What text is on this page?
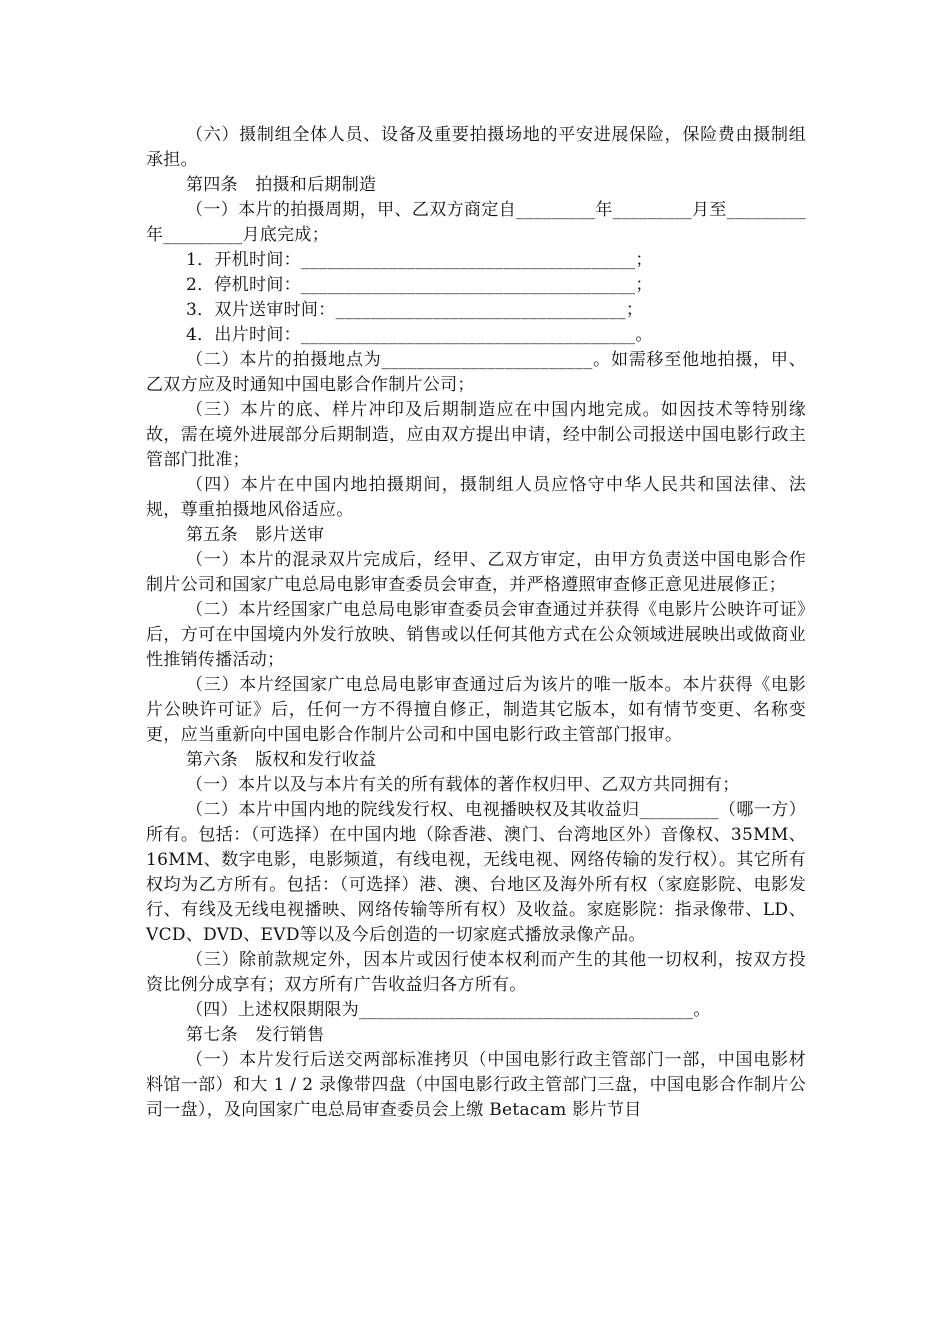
（六）摄制组全体人员、设备及重要拍摄场地的平安进展保险，保险费由摄制组承担。

第四条　拍摄和后期制造

（一）本片的拍摄周期，甲、乙双方商定自_________年_________月至_________年_________月底完成；

1．开机时间：______________________________________；

2．停机时间：______________________________________；

3．双片送审时间：_________________________________；

4．出片时间：______________________________________。

（二）本片的拍摄地点为________________________。如需移至他地拍摄，甲、乙双方应及时通知中国电影合作制片公司；

（三）本片的底、样片冲印及后期制造应在中国内地完成。如因技术等特别缘故，需在境外进展部分后期制造，应由双方提出申请，经中制公司报送中国电影行政主管部门批准；

（四）本片在中国内地拍摄期间，摄制组人员应恪守中华人民共和国法律、法规，尊重拍摄地风俗适应。

第五条　影片送审

（一）本片的混录双片完成后，经甲、乙双方审定，由甲方负责送中国电影合作制片公司和国家广电总局电影审查委员会审查，并严格遵照审查修正意见进展修正；

（二）本片经国家广电总局电影审查委员会审查通过并获得《电影片公映许可证》后，方可在中国境内外发行放映、销售或以任何其他方式在公众领域进展映出或做商业性推销传播活动；

（三）本片经国家广电总局电影审查通过后为该片的唯一版本。本片获得《电影片公映许可证》后，任何一方不得擅自修正，制造其它版本，如有情节变更、名称变更，应当重新向中国电影合作制片公司和中国电影行政主管部门报审。

第六条　版权和发行收益

（一）本片以及与本片有关的所有载体的著作权归甲、乙双方共同拥有；

（二）本片中国内地的院线发行权、电视播映权及其收益归_________（哪一方）所有。包括：（可选择）在中国内地（除香港、澳门、台湾地区外）音像权、35MM、16MM、数字电影，电影频道，有线电视，无线电视、网络传输的发行权）。其它所有权均为乙方所有。包括：（可选择）港、澳、台地区及海外所有权（家庭影院、电影发行、有线及无线电视播映、网络传输等所有权）及收益。家庭影院：指录像带、LD、VCD、DVD、EVD等以及今后创造的一切家庭式播放录像产品。

（三）除前款规定外，因本片或因行使本权利而产生的其他一切权利，按双方投资比例分成享有；双方所有广告收益归各方所有。

（四）上述权限期限为______________________________________。

第七条　发行销售

（一）本片发行后送交两部标准拷贝（中国电影行政主管部门一部，中国电影材料馆一部）和大 1 / 2 录像带四盘（中国电影行政主管部门三盘，中国电影合作制片公司一盘），及向国家广电总局审查委员会上缴 Betacam 影片节目
